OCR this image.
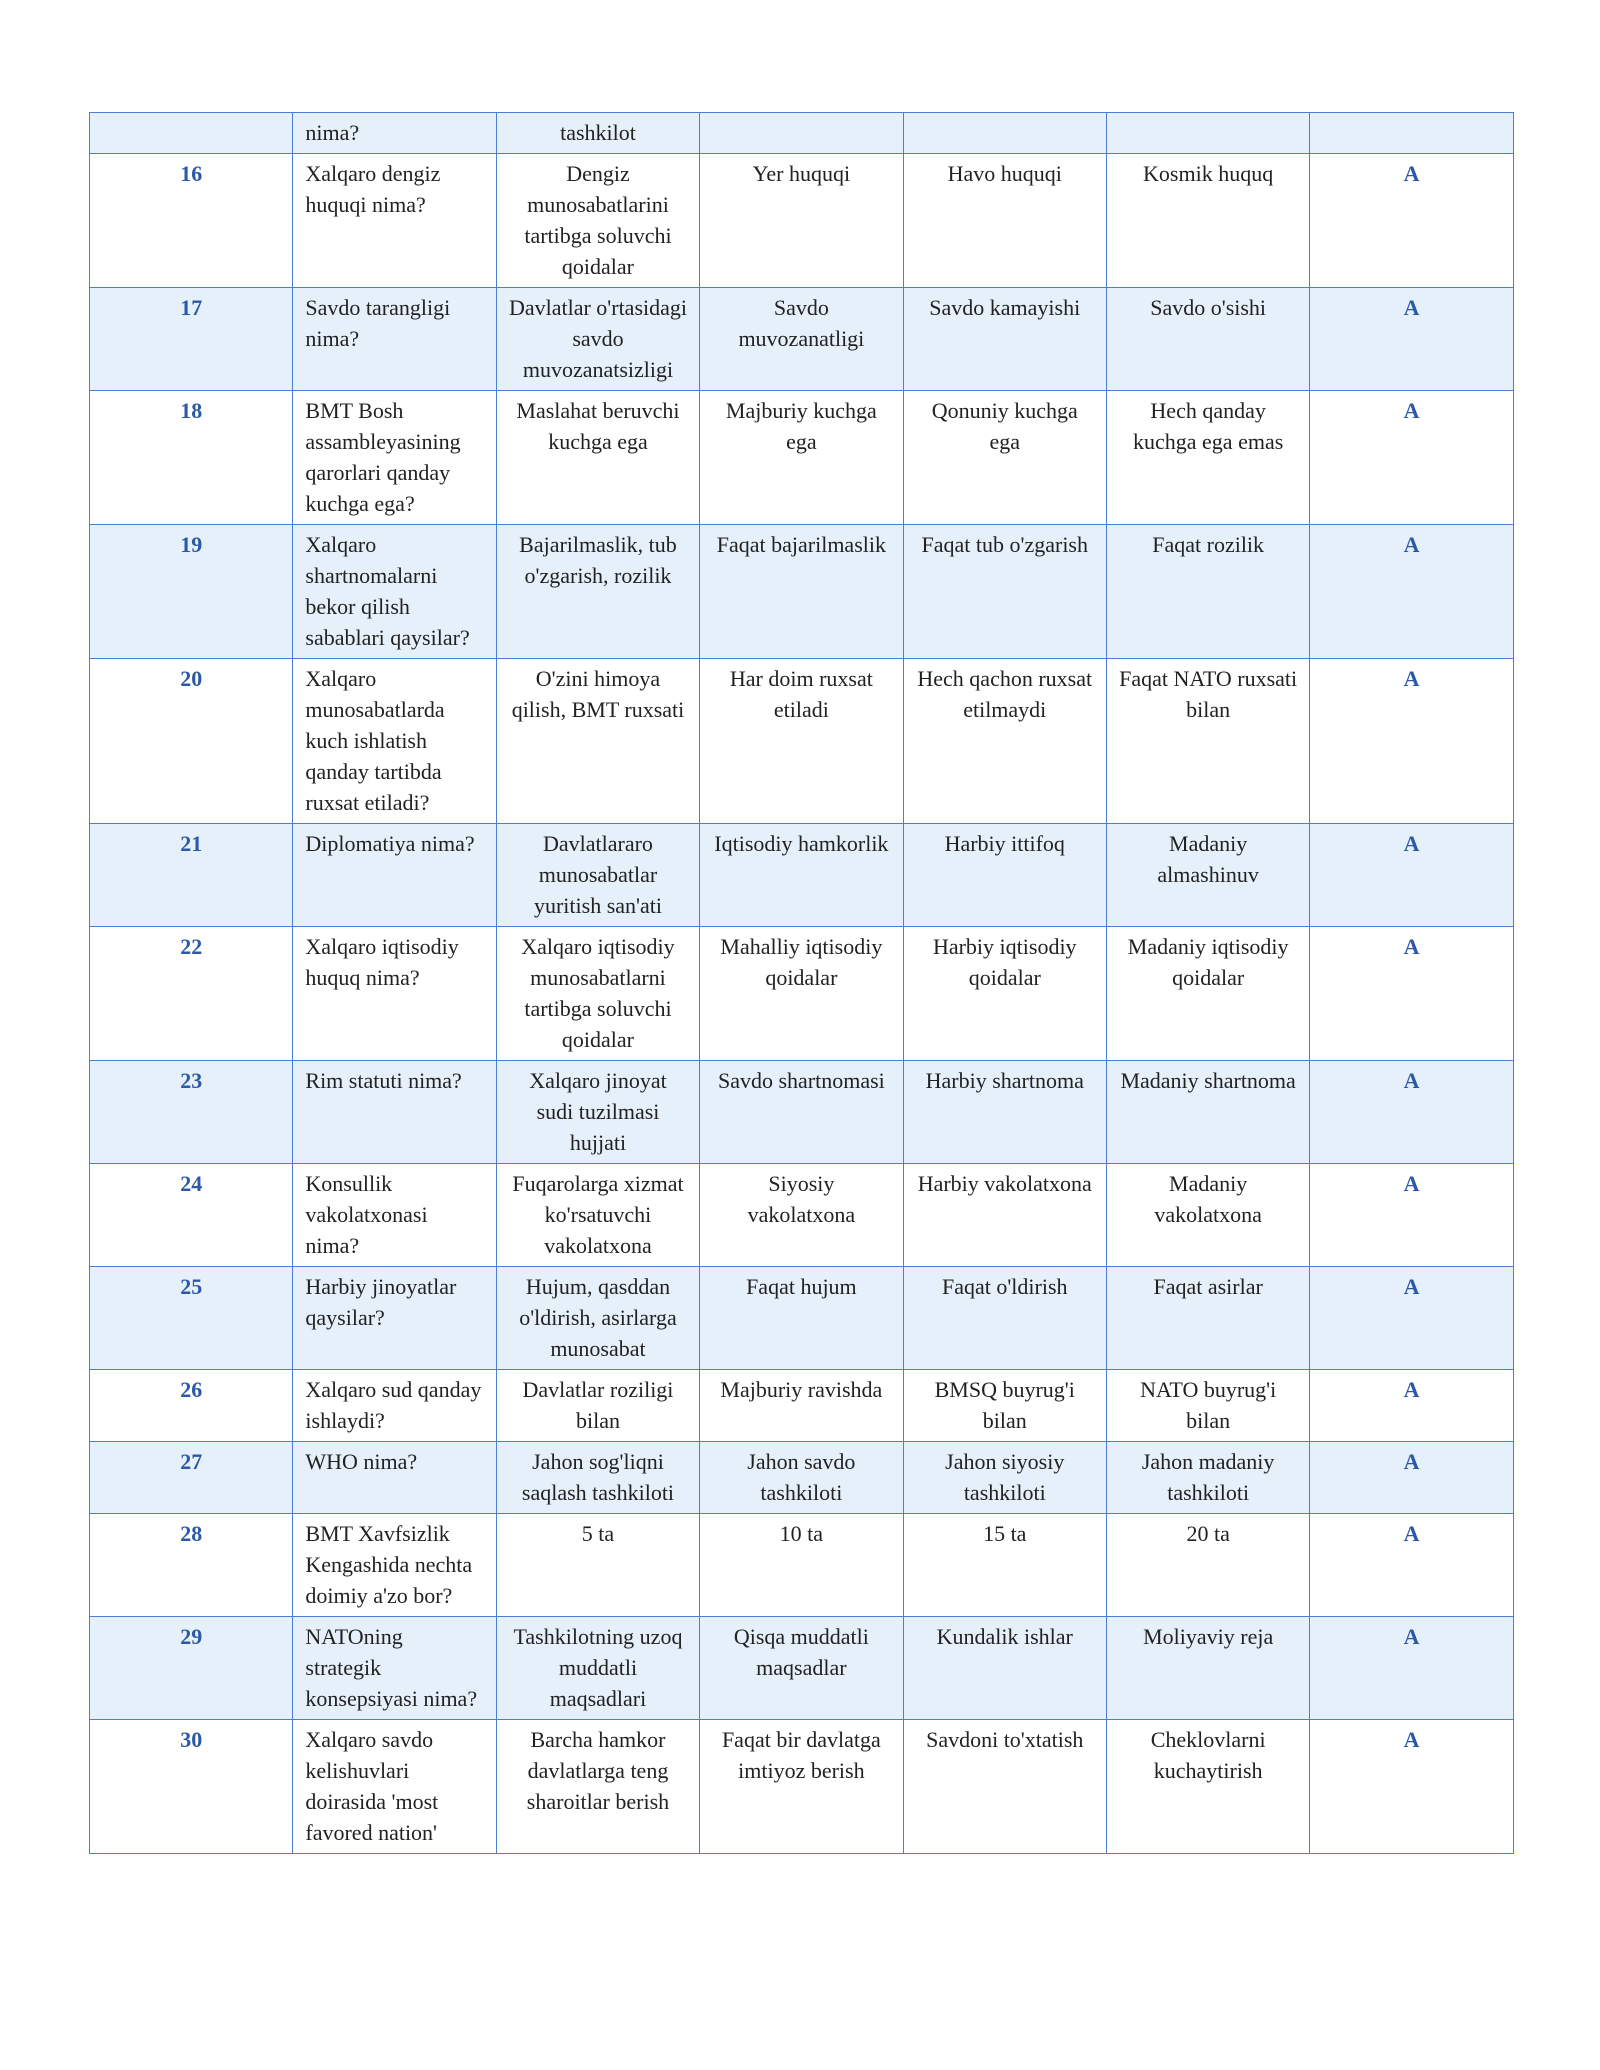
	nima?	tashkilot				
16	Xalqaro dengiz huquqi nima?	Dengiz munosabatlarini tartibga soluvchi qoidalar	Yer huquqi	Havo huquqi	Kosmik huquq	A
17	Savdo tarangligi nima?	Davlatlar o'rtasidagi savdo muvozanatsizligi	Savdo muvozanatligi	Savdo kamayishi	Savdo o'sishi	A
18	BMT Bosh assambleyasining qarorlari qanday kuchga ega?	Maslahat beruvchi kuchga ega	Majburiy kuchga ega	Qonuniy kuchga ega	Hech qanday kuchga ega emas	A
19	Xalqaro shartnomalarni bekor qilish sabablari qaysilar?	Bajarilmaslik, tub o'zgarish, rozilik	Faqat bajarilmaslik	Faqat tub o'zgarish	Faqat rozilik	A
20	Xalqaro munosabatlarda kuch ishlatish qanday tartibda ruxsat etiladi?	O'zini himoya qilish, BMT ruxsati	Har doim ruxsat etiladi	Hech qachon ruxsat etilmaydi	Faqat NATO ruxsati bilan	A
21	Diplomatiya nima?	Davlatlararo munosabatlar yuritish san'ati	Iqtisodiy hamkorlik	Harbiy ittifoq	Madaniy almashinuv	A
22	Xalqaro iqtisodiy huquq nima?	Xalqaro iqtisodiy munosabatlarni tartibga soluvchi qoidalar	Mahalliy iqtisodiy qoidalar	Harbiy iqtisodiy qoidalar	Madaniy iqtisodiy qoidalar	A
23	Rim statuti nima?	Xalqaro jinoyat sudi tuzilmasi hujjati	Savdo shartnomasi	Harbiy shartnoma	Madaniy shartnoma	A
24	Konsullik vakolatxonasi nima?	Fuqarolarga xizmat ko'rsatuvchi vakolatxona	Siyosiy vakolatxona	Harbiy vakolatxona	Madaniy vakolatxona	A
25	Harbiy jinoyatlar qaysilar?	Hujum, qasddan o'ldirish, asirlarga munosabat	Faqat hujum	Faqat o'ldirish	Faqat asirlar	A
26	Xalqaro sud qanday ishlaydi?	Davlatlar roziligi bilan	Majburiy ravishda	BMSQ buyrug'i bilan	NATO buyrug'i bilan	A
27	WHO nima?	Jahon sog'liqni saqlash tashkiloti	Jahon savdo tashkiloti	Jahon siyosiy tashkiloti	Jahon madaniy tashkiloti	A
28	BMT Xavfsizlik Kengashida nechta doimiy a'zo bor?	5 ta	10 ta	15 ta	20 ta	A
29	NATOning strategik konsepsiyasi nima?	Tashkilotning uzoq muddatli maqsadlari	Qisqa muddatli maqsadlar	Kundalik ishlar	Moliyaviy reja	A
30	Xalqaro savdo kelishuvlari doirasida 'most favored nation'	Barcha hamkor davlatlarga teng sharoitlar berish	Faqat bir davlatga imtiyoz berish	Savdoni to'xtatish	Cheklovlarni kuchaytirish	A
